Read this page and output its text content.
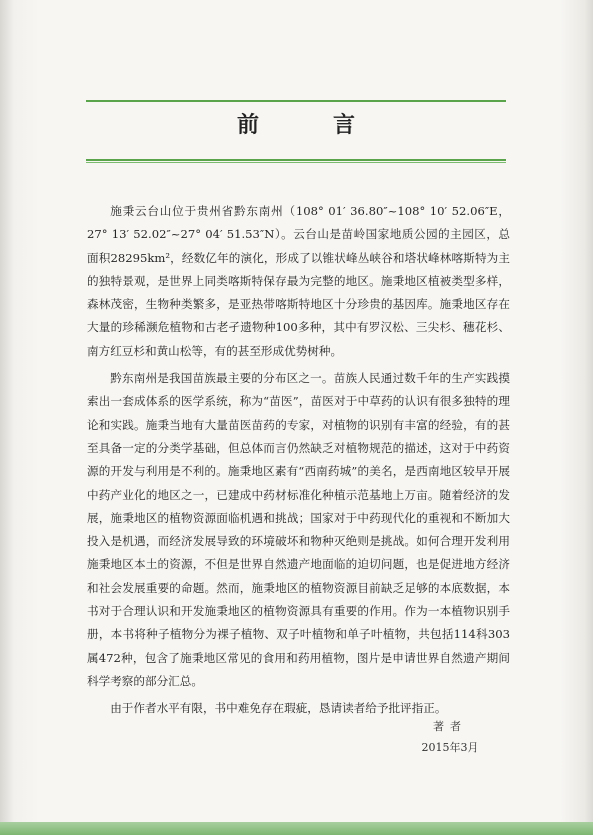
前　言

施秉云台山位于贵州省黔东南州（108° 01′ 36.80″~108° 10′ 52.06″E，27° 13′ 52.02″~27° 04′ 51.53″N）。云台山是苗岭国家地质公园的主园区，总面积28295km²，经数亿年的演化，形成了以锥状峰丛峡谷和塔状峰林喀斯特为主的独特景观，是世界上同类喀斯特保存最为完整的地区。施秉地区植被类型多样，森林茂密，生物种类繁多，是亚热带喀斯特地区十分珍贵的基因库。施秉地区存在大量的珍稀濒危植物和古老孑遗物种100多种，其中有罗汉松、三尖杉、穗花杉、南方红豆杉和黄山松等，有的甚至形成优势树种。

黔东南州是我国苗族最主要的分布区之一。苗族人民通过数千年的生产实践摸索出一套成体系的医学系统，称为“苗医”，苗医对于中草药的认识有很多独特的理论和实践。施秉当地有大量苗医苗药的专家，对植物的识别有丰富的经验，有的甚至具备一定的分类学基础，但总体而言仍然缺乏对植物规范的描述，这对于中药资源的开发与利用是不利的。施秉地区素有“西南药城”的美名，是西南地区较早开展中药产业化的地区之一，已建成中药材标准化种植示范基地上万亩。随着经济的发展，施秉地区的植物资源面临机遇和挑战；国家对于中药现代化的重视和不断加大投入是机遇，而经济发展导致的环境破坏和物种灭绝则是挑战。如何合理开发利用施秉地区本土的资源，不但是世界自然遗产地面临的迫切问题，也是促进地方经济和社会发展重要的命题。然而，施秉地区的植物资源目前缺乏足够的本底数据，本书对于合理认识和开发施秉地区的植物资源具有重要的作用。作为一本植物识别手册，本书将种子植物分为裸子植物、双子叶植物和单子叶植物，共包括114科303属472种，包含了施秉地区常见的食用和药用植物，图片是申请世界自然遗产期间科学考察的部分汇总。

由于作者水平有限，书中难免存在瑕疵，恳请读者给予批评指正。

著者
2015年3月
